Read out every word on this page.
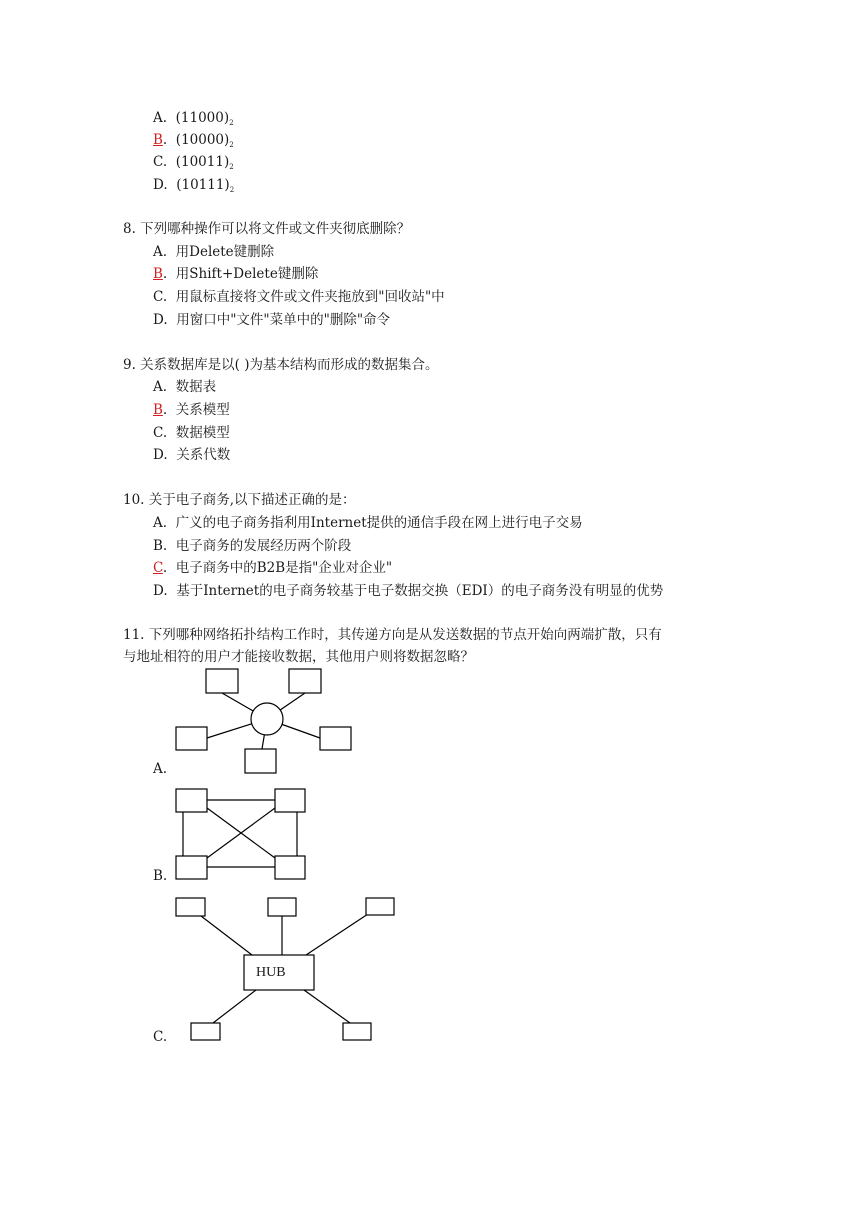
A.  $(11000)_2$
B.  $(10000)_2$
C.  $(10011)_2$
D.  $(10111)_2$
8. 下列哪种操作可以将文件或文件夹彻底删除？
A.  用Delete键删除
B.  用Shift+Delete键删除
C.  用鼠标直接将文件或文件夹拖放到"回收站"中
D.  用窗口中"文件"菜单中的"删除"命令
9. 关系数据库是以( )为基本结构而形成的数据集合。
A.  数据表
B.  关系模型
C.  数据模型
D.  关系代数
10. 关于电子商务,以下描述正确的是：
A.  广义的电子商务指利用Internet提供的通信手段在网上进行电子交易
B.  电子商务的发展经历两个阶段
C.  电子商务中的B2B是指"企业对企业"
D.  基于Internet的电子商务较基于电子数据交换（EDI）的电子商务没有明显的优势
11. 下列哪种网络拓扑结构工作时，其传递方向是从发送数据的节点开始向两端扩散，只有
与地址相符的用户才能接收数据，其他用户则将数据忽略？
HUB
A.
B.
C.
